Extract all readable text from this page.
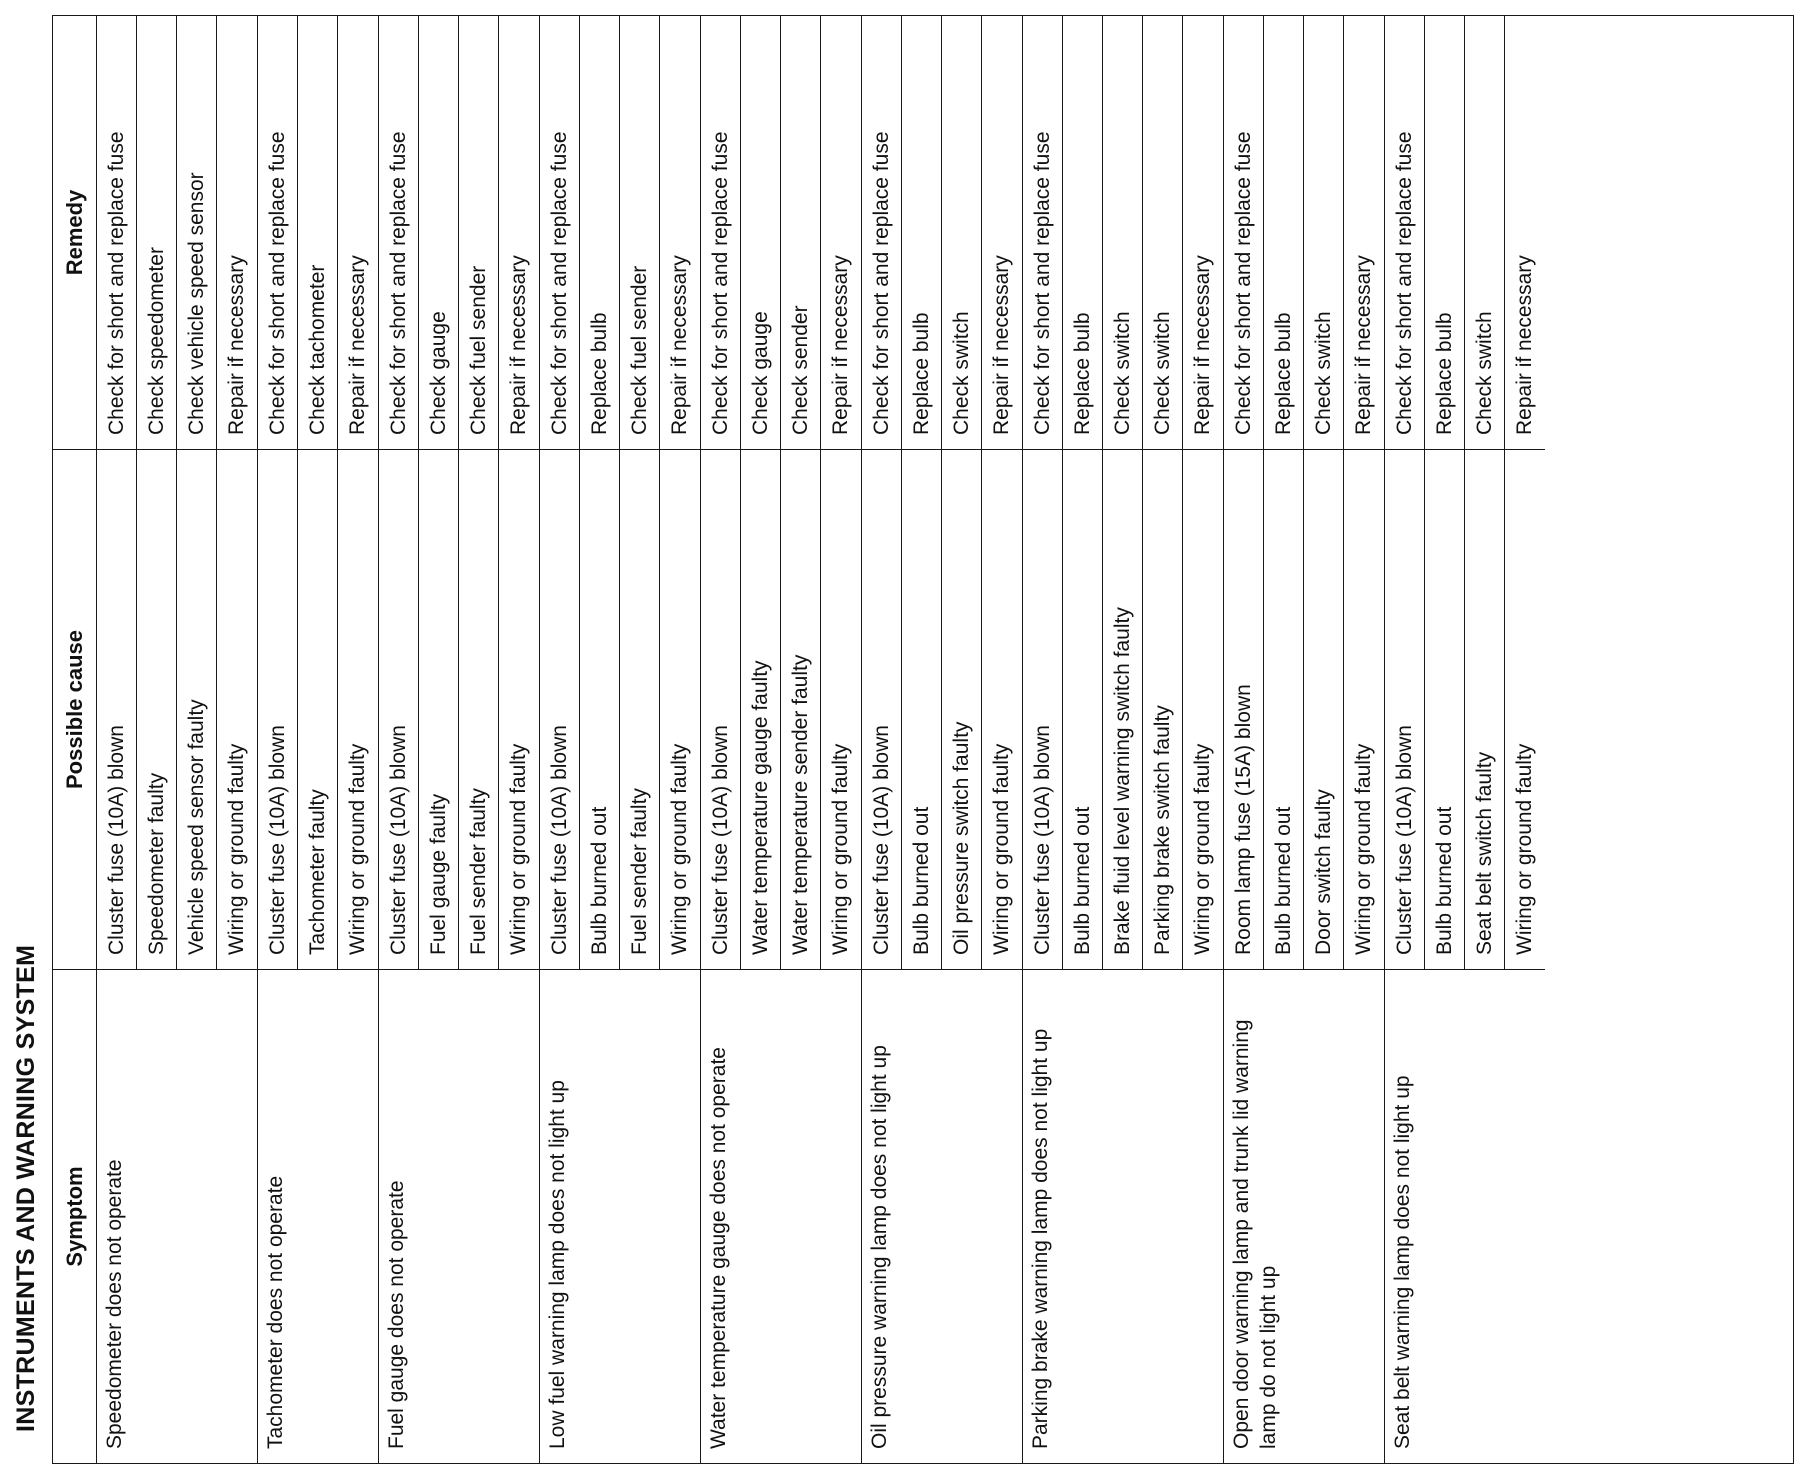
INSTRUMENTS AND WARNING SYSTEM Symptom
Possible cause
Remedy
Speedometer does not operate
Cluster fuse (10A) blown
Check for short and replace fuse
Speedometer faulty
Check speedometer
Vehicle speed sensor faulty
Check vehicle speed sensor
Wiring or ground faulty
Repair if necessary
Tachometer does not operate
Cluster fuse (10A) blown
Check for short and replace fuse
Tachometer faulty
Check tachometer
Wiring or ground faulty
Repair if necessary
Fuel gauge does not operate
Cluster fuse (10A) blown
Check for short and replace fuse
Fuel gauge faulty
Check gauge
Fuel sender faulty
Check fuel sender
Wiring or ground faulty
Repair if necessary
Low fuel warning lamp does not light up
Cluster fuse (10A) blown
Check for short and replace fuse
Bulb burned out
Replace bulb
Fuel sender faulty
Check fuel sender
Wiring or ground faulty
Repair if necessary
Water temperature gauge does not operate
Cluster fuse (10A) blown
Check for short and replace fuse
Water temperature gauge faulty
Check gauge
Water temperature sender faulty
Check sender
Wiring or ground faulty
Repair if necessary
Oil pressure warning lamp does not light up
Cluster fuse (10A) blown
Check for short and replace fuse
Bulb burned out
Replace bulb
Oil pressure switch faulty
Check switch
Wiring or ground faulty
Repair if necessary
Parking brake warning lamp does not light up
Cluster fuse (10A) blown
Check for short and replace fuse
Bulb burned out
Replace bulb
Brake fluid level warning switch faulty
Check switch
Parking brake switch faulty
Check switch
Wiring or ground faulty
Repair if necessary
Open door warning lamp and trunk lid warning lamp do not light up
Room lamp fuse (15A) blown
Check for short and replace fuse
Bulb burned out
Replace bulb
Door switch faulty
Check switch
Wiring or ground faulty
Repair if necessary
Seat belt warning lamp does not light up
Cluster fuse (10A) blown
Check for short and replace fuse
Bulb burned out
Replace bulb
Seat belt switch faulty
Check switch
Wiring or ground faulty
Repair if necessary
